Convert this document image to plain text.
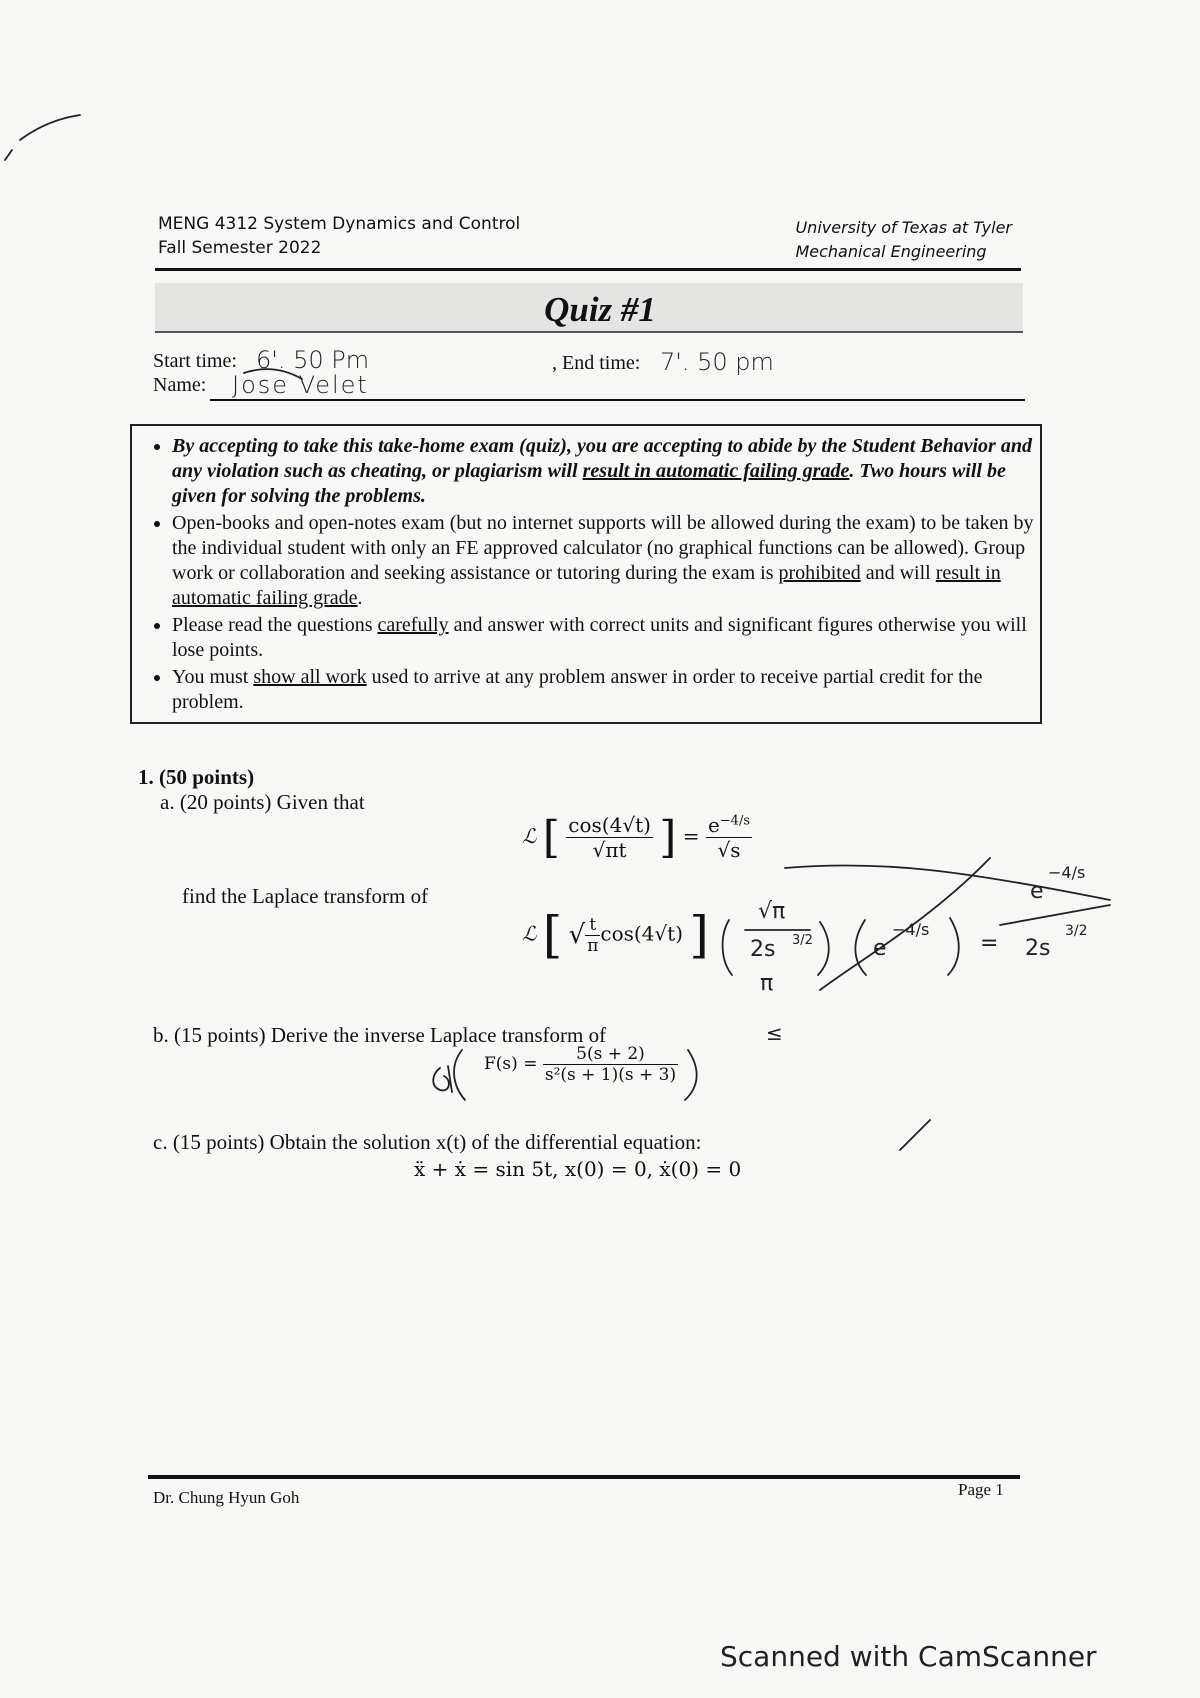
MENG 4312 System Dynamics and Control
Fall Semester 2022
University of Texas at Tyler
Mechanical Engineering
Quiz #1
Start time: 6'. 50 Pm	, End time: 7'. 50 pm
Name: Jose Velet
• By accepting to take this take-home exam (quiz), you are accepting to abide by the Student Behavior and any violation such as cheating, or plagiarism will result in automatic failing grade. Two hours will be given for solving the problems.
• Open-books and open-notes exam (but no internet supports will be allowed during the exam) to be taken by the individual student with only an FE approved calculator (no graphical functions can be allowed). Group work or collaboration and seeking assistance or tutoring during the exam is prohibited and will result in automatic failing grade.
• Please read the questions carefully and answer with correct units and significant figures otherwise you will lose points.
• You must show all work used to arrive at any problem answer in order to receive partial credit for the problem.
1. (50 points)
a. (20 points) Given that
ℒ [ $\frac{\cos(4√t)}{√\pi t}$ ] = $\frac{e^{-4/s}}{√s}$
find the Laplace transform of
ℒ [ √ $\frac{t}{\pi} \cos(4√t)$ ]
b. (15 points) Derive the inverse Laplace transform of
$F(s) = \frac{5(s + 2)}{\text{s²(s + 1)(s + 3)}}$
c. (15 points) Obtain the solution x(t) of the differential equation:
ẍ + ẋ = sin 5t, x(0) = 0, ẋ(0) = 0
√π
2s 3/2
π
e
−4/s
=
e
−4/s
2s
3/2
≤
Dr. Chung Hyun Goh	Page 1
Scanned with CamScanner
